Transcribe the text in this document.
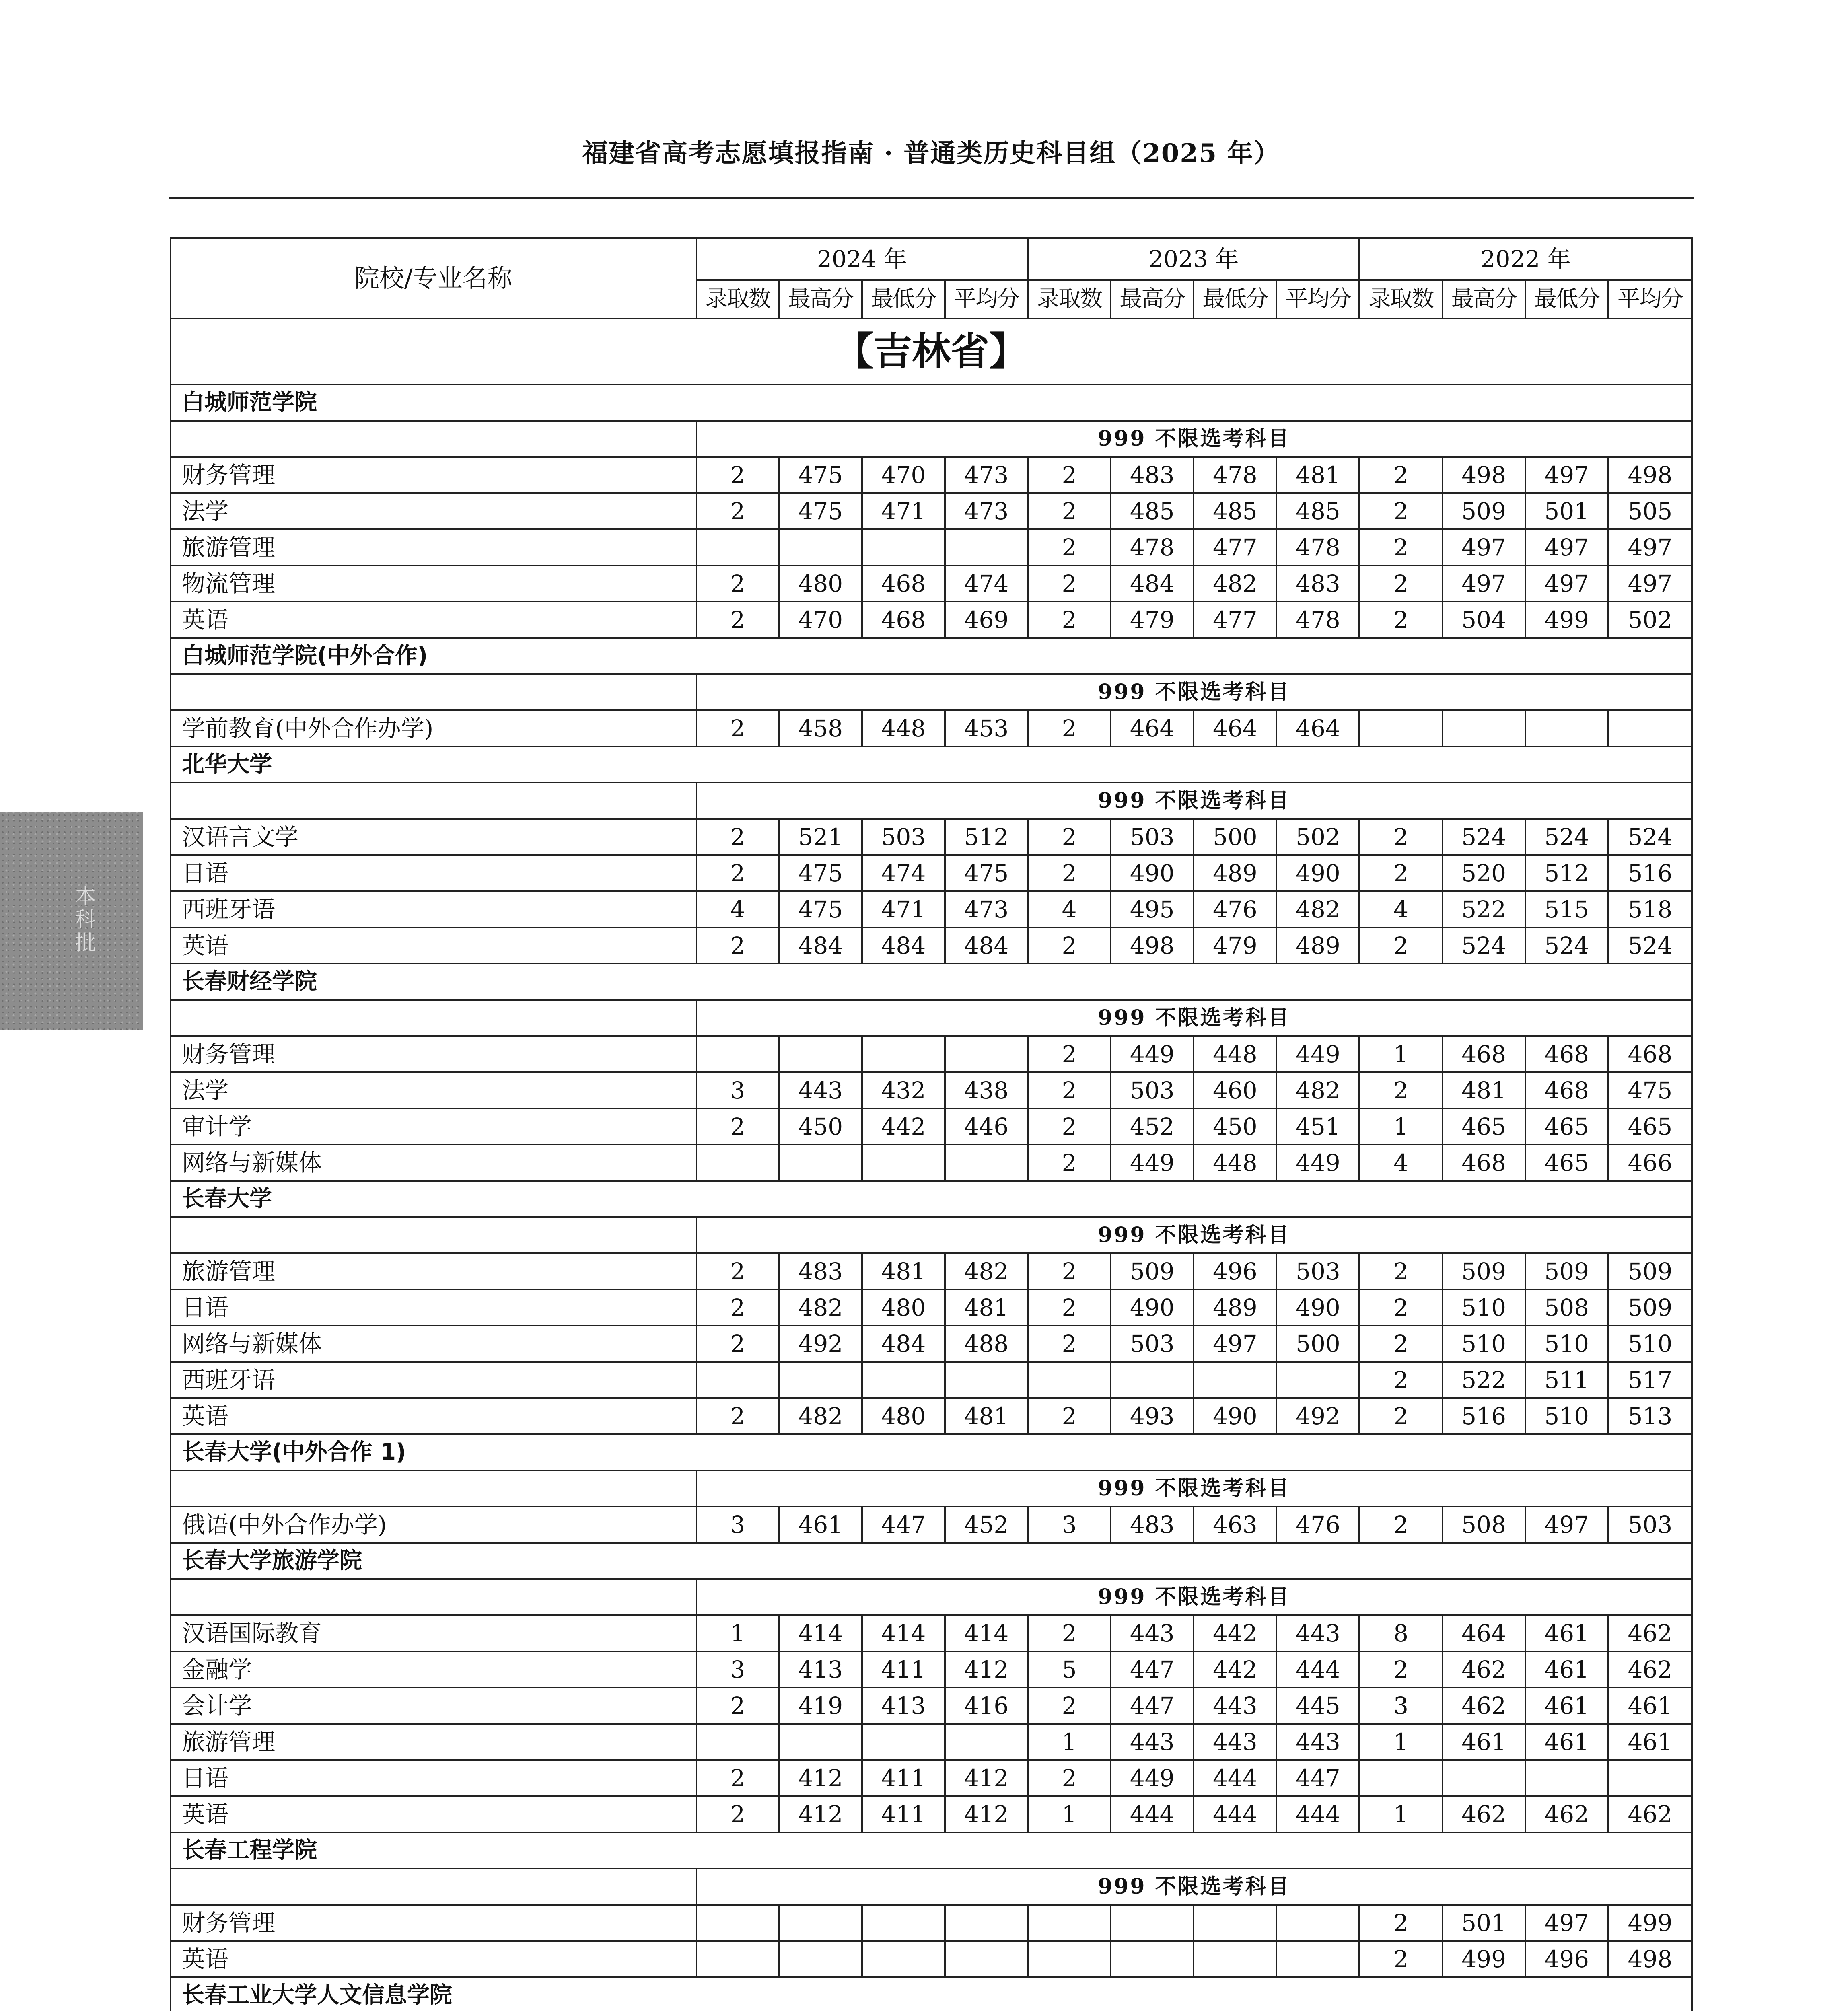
福建省高考志愿填报指南 · 普通类历史科目组（2025 年）
本科批
院校/专业名称	2024 年				2023 年				2022 年			
	录取数	最高分	最低分	平均分	录取数	最高分	最低分	平均分	录取数	最高分	最低分	平均分
【吉林省】												
白城师范学院												
	999 不限选考科目											
财务管理	2	475	470	473	2	483	478	481	2	498	497	498
法学	2	475	471	473	2	485	485	485	2	509	501	505
旅游管理					2	478	477	478	2	497	497	497
物流管理	2	480	468	474	2	484	482	483	2	497	497	497
英语	2	470	468	469	2	479	477	478	2	504	499	502
白城师范学院(中外合作)												
	999 不限选考科目											
学前教育(中外合作办学)	2	458	448	453	2	464	464	464				
北华大学												
	999 不限选考科目											
汉语言文学	2	521	503	512	2	503	500	502	2	524	524	524
日语	2	475	474	475	2	490	489	490	2	520	512	516
西班牙语	4	475	471	473	4	495	476	482	4	522	515	518
英语	2	484	484	484	2	498	479	489	2	524	524	524
长春财经学院												
	999 不限选考科目											
财务管理					2	449	448	449	1	468	468	468
法学	3	443	432	438	2	503	460	482	2	481	468	475
审计学	2	450	442	446	2	452	450	451	1	465	465	465
网络与新媒体					2	449	448	449	4	468	465	466
长春大学												
	999 不限选考科目											
旅游管理	2	483	481	482	2	509	496	503	2	509	509	509
日语	2	482	480	481	2	490	489	490	2	510	508	509
网络与新媒体	2	492	484	488	2	503	497	500	2	510	510	510
西班牙语									2	522	511	517
英语	2	482	480	481	2	493	490	492	2	516	510	513
长春大学(中外合作 1)												
	999 不限选考科目											
俄语(中外合作办学)	3	461	447	452	3	483	463	476	2	508	497	503
长春大学旅游学院												
	999 不限选考科目											
汉语国际教育	1	414	414	414	2	443	442	443	8	464	461	462
金融学	3	413	411	412	5	447	442	444	2	462	461	462
会计学	2	419	413	416	2	447	443	445	3	462	461	461
旅游管理					1	443	443	443	1	461	461	461
日语	2	412	411	412	2	449	444	447				
英语	2	412	411	412	1	444	444	444	1	462	462	462
长春工程学院												
	999 不限选考科目											
财务管理									2	501	497	499
英语									2	499	496	498
长春工业大学人文信息学院												
